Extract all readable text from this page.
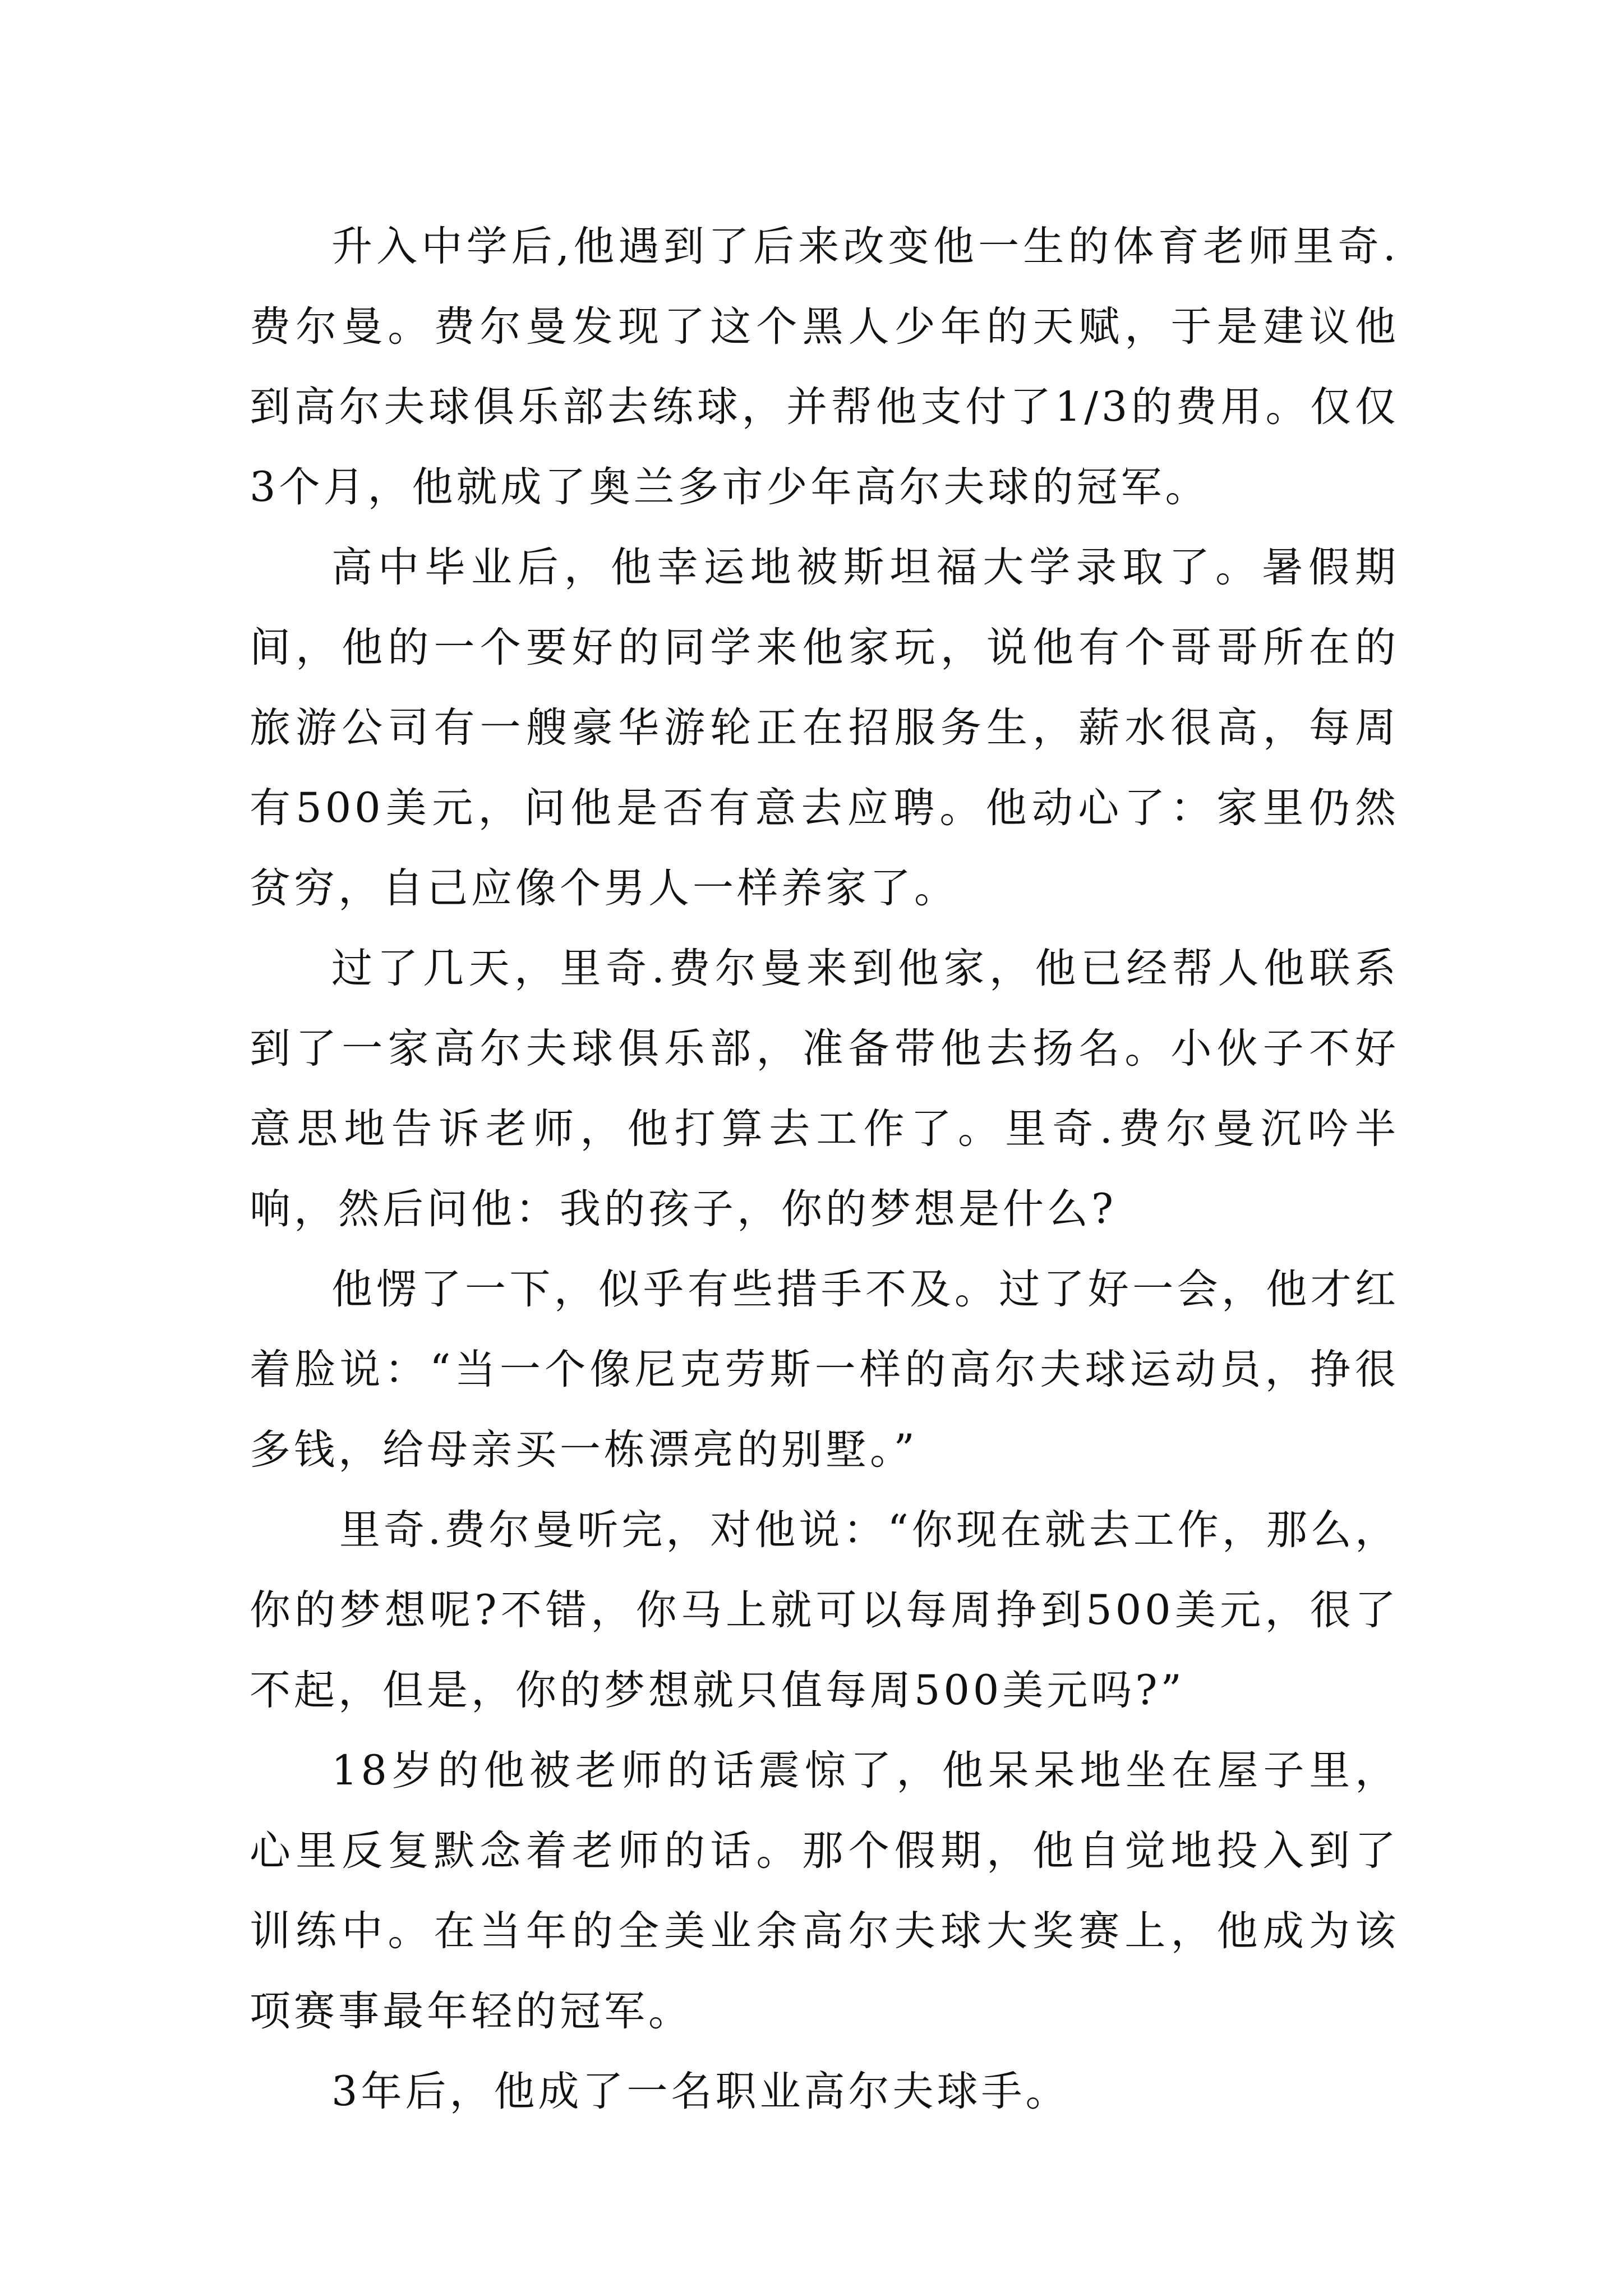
升入中学后,他遇到了后来改变他一生的体育老师里奇.费尔曼。费尔曼发现了这个黑人少年的天赋，于是建议他到高尔夫球俱乐部去练球，并帮他支付了1/3的费用。仅仅3个月，他就成了奥兰多市少年高尔夫球的冠军。

高中毕业后，他幸运地被斯坦福大学录取了。暑假期间，他的一个要好的同学来他家玩，说他有个哥哥所在的旅游公司有一艘豪华游轮正在招服务生，薪水很高，每周有500美元，问他是否有意去应聘。他动心了：家里仍然贫穷，自己应像个男人一样养家了。

过了几天，里奇.费尔曼来到他家，他已经帮人他联系到了一家高尔夫球俱乐部，准备带他去扬名。小伙子不好意思地告诉老师，他打算去工作了。里奇.费尔曼沉吟半响，然后问他：我的孩子，你的梦想是什么?

他愣了一下，似乎有些措手不及。过了好一会，他才红着脸说：“当一个像尼克劳斯一样的高尔夫球运动员，挣很多钱，给母亲买一栋漂亮的别墅。”

里奇.费尔曼听完，对他说：“你现在就去工作，那么，你的梦想呢?不错，你马上就可以每周挣到500美元，很了不起，但是，你的梦想就只值每周500美元吗?”

18岁的他被老师的话震惊了，他呆呆地坐在屋子里，心里反复默念着老师的话。那个假期，他自觉地投入到了训练中。在当年的全美业余高尔夫球大奖赛上，他成为该项赛事最年轻的冠军。

3年后，他成了一名职业高尔夫球手。
